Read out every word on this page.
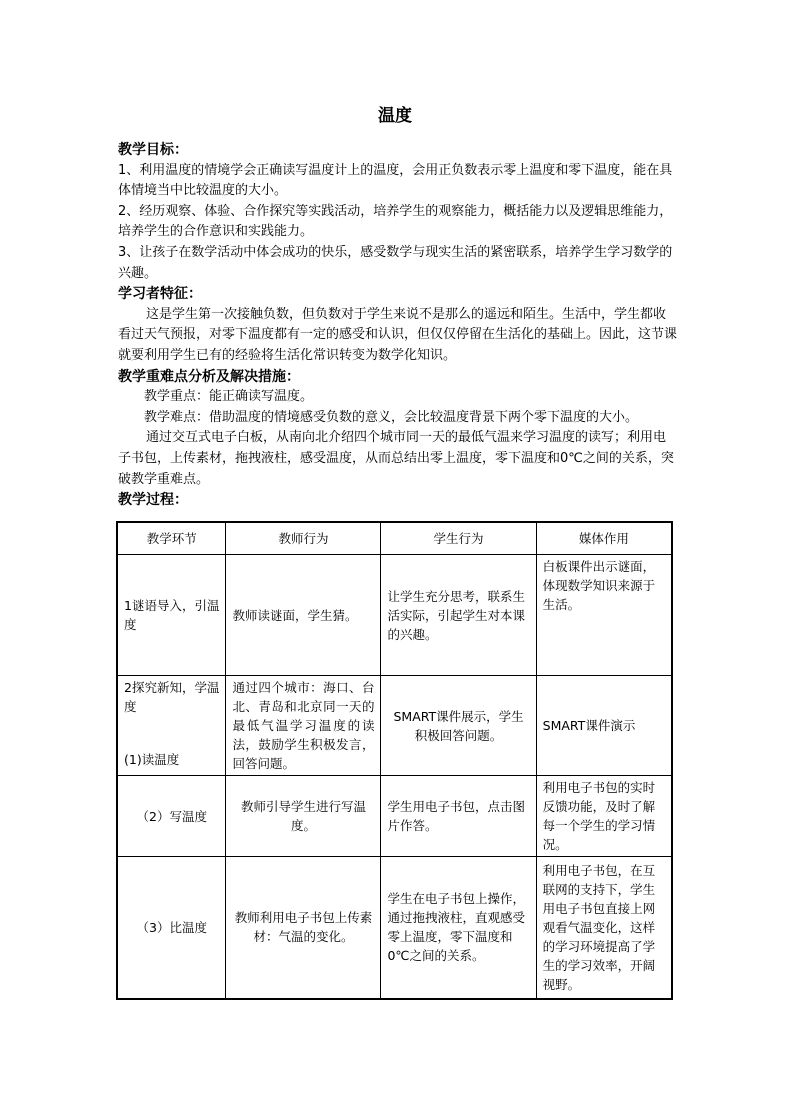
温度
教学目标：

1、利用温度的情境学会正确读写温度计上的温度，会用正负数表示零上温度和零下温度，能在具体情境当中比较温度的大小。

2、经历观察、体验、合作探究等实践活动，培养学生的观察能力，概括能力以及逻辑思维能力，培养学生的合作意识和实践能力。

3、让孩子在数学活动中体会成功的快乐，感受数学与现实生活的紧密联系，培养学生学习数学的兴趣。

学习者特征：

这是学生第一次接触负数，但负数对于学生来说不是那么的遥远和陌生。生活中，学生都收看过天气预报，对零下温度都有一定的感受和认识，但仅仅停留在生活化的基础上。因此，这节课就要利用学生已有的经验将生活化常识转变为数学化知识。

教学重难点分析及解决措施：

教学重点：能正确读写温度。

教学难点：借助温度的情境感受负数的意义，会比较温度背景下两个零下温度的大小。

通过交互式电子白板，从南向北介绍四个城市同一天的最低气温来学习温度的读写；利用电子书包，上传素材，拖拽液柱，感受温度，从而总结出零上温度，零下温度和0℃之间的关系，突破教学重难点。

教学过程：
教学环节	教师行为	学生行为	媒体作用
1谜语导入，引温度	教师读谜面，学生猜。	让学生充分思考，联系生活实际，引起学生对本课的兴趣。	白板课件出示谜面，体现数学知识来源于生活。

2探究新知，学温度
(1)读温度	通过四个城市：海口、台北、青岛和北京同一天的最低气温学习温度的读法，鼓励学生积极发言，回答问题。	SMART课件展示，学生积极回答问题。	SMART课件演示
（2）写温度	教师引导学生进行写温度。	学生用电子书包，点击图片作答。	利用电子书包的实时反馈功能，及时了解每一个学生的学习情况。
（3）比温度	教师利用电子书包上传素材：气温的变化。	学生在电子书包上操作，通过拖拽液柱，直观感受零上温度，零下温度和0℃之间的关系。	利用电子书包，在互联网的支持下，学生用电子书包直接上网观看气温变化，这样的学习环境提高了学生的学习效率，开阔视野。
